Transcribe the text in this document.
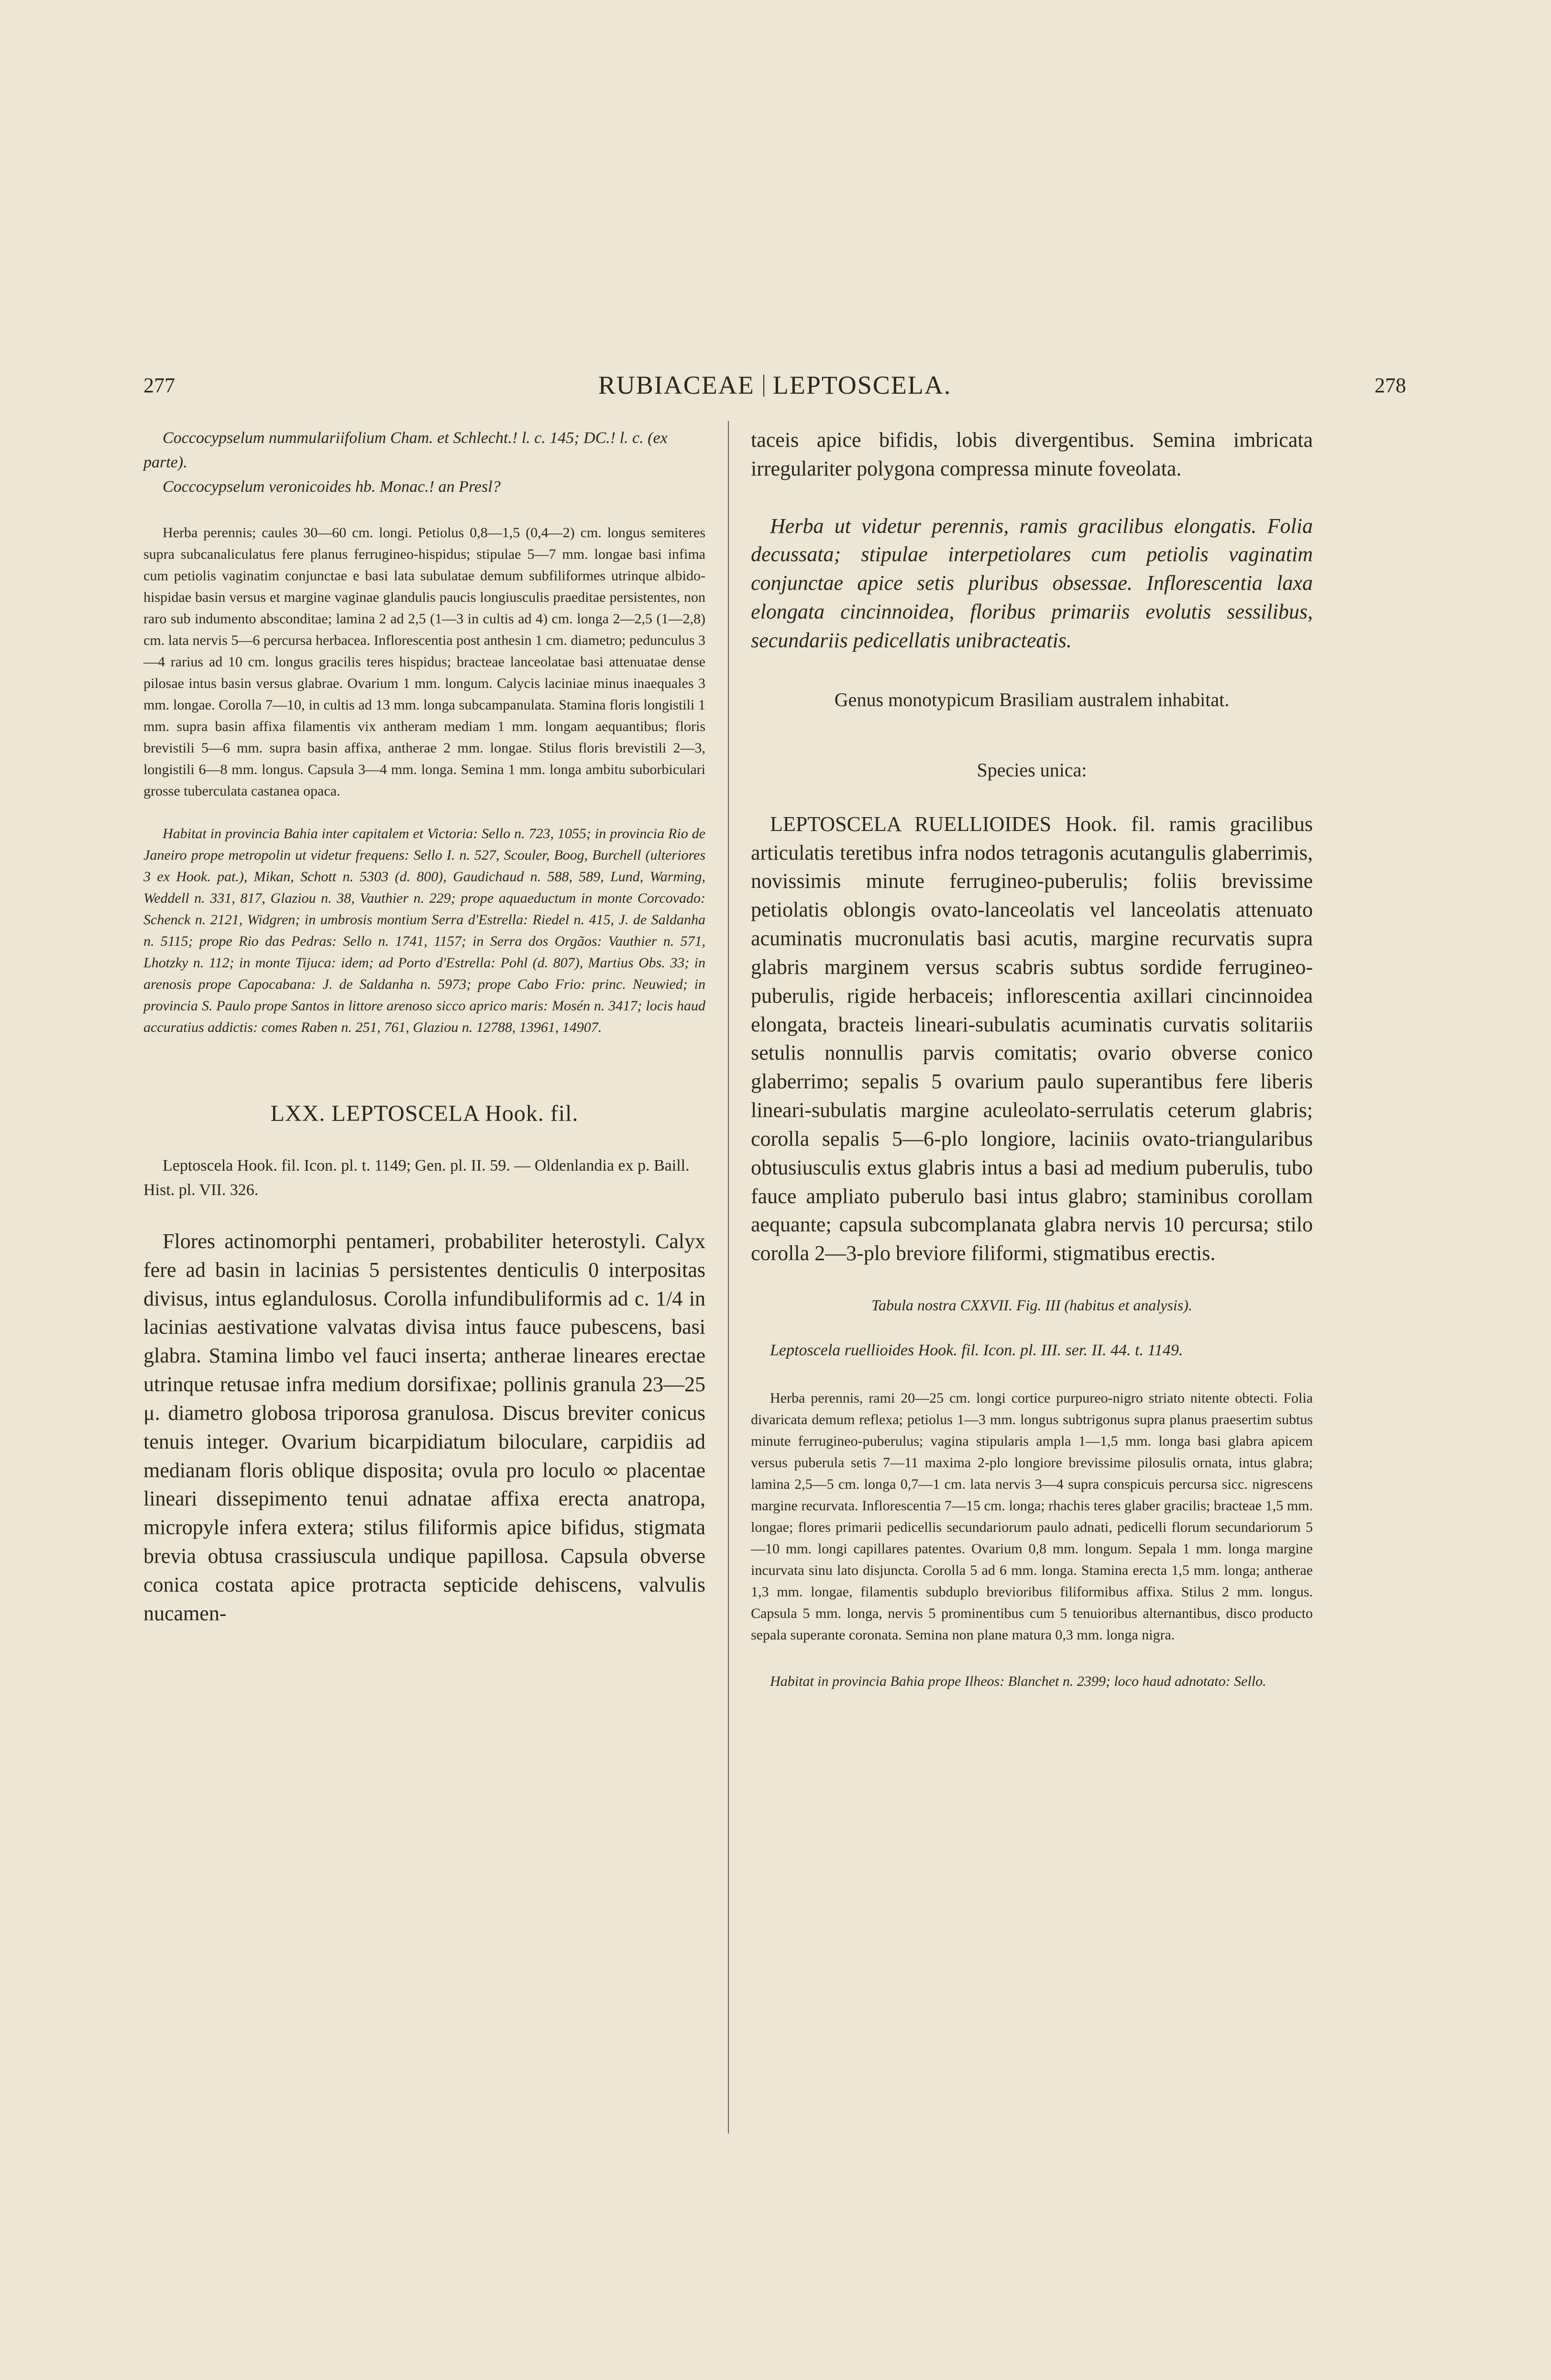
277	RUBIACEAE LEPTOSCELA.	278

Coccocypselum nummulariifolium Cham. et Schlecht.! l. c. 145; DC.! l. c. (ex parte).

Coccocypselum veronicoides hb. Monac.! an Presl?

Herba perennis; caules 30—60 cm. longi. Petiolus 0,8—1,5 (0,4—2) cm. longus semiteres supra subcanaliculatus fere planus ferrugineo-hispidus; stipulae 5—7 mm. longae basi infima cum petiolis vaginatim conjunctae e basi lata subulatae demum subfiliformes utrinque albido-hispidae basin versus et margine vaginae glandulis paucis longiusculis praeditae persistentes, non raro sub indumento absconditae; lamina 2 ad 2,5 (1—3 in cultis ad 4) cm. longa 2—2,5 (1—2,8) cm. lata nervis 5—6 percursa herbacea. Inflorescentia post anthesin 1 cm. diametro; pedunculus 3—4 rarius ad 10 cm. longus gracilis teres hispidus; bracteae lanceolatae basi attenuatae dense pilosae intus basin versus glabrae. Ovarium 1 mm. longum. Calycis laciniae minus inaequales 3 mm. longae. Corolla 7—10, in cultis ad 13 mm. longa subcampanulata. Stamina floris longistili 1 mm. supra basin affixa filamentis vix antheram mediam 1 mm. longam aequantibus; floris brevistili 5—6 mm. supra basin affixa, antherae 2 mm. longae. Stilus floris brevistili 2—3, longistili 6—8 mm. longus. Capsula 3—4 mm. longa. Semina 1 mm. longa ambitu suborbiculari grosse tuberculata castanea opaca.

Habitat in provincia Bahia inter capitalem et Victoria: Sello n. 723, 1055; in provincia Rio de Janeiro prope metropolin ut videtur frequens: Sello I. n. 527, Scouler, Boog, Burchell (ulteriores 3 ex Hook. pat.), Mikan, Schott n. 5303 (d. 800), Gaudichaud n. 588, 589, Lund, Warming, Weddell n. 331, 817, Glaziou n. 38, Vauthier n. 229; prope aquaeductum in monte Corcovado: Schenck n. 2121, Widgren; in umbrosis montium Serra d'Estrella: Riedel n. 415, J. de Saldanha n. 5115; prope Rio das Pedras: Sello n. 1741, 1157; in Serra dos Orgãos: Vauthier n. 571, Lhotzky n. 112; in monte Tijuca: idem; ad Porto d'Estrella: Pohl (d. 807), Martius Obs. 33; in arenosis prope Capocabana: J. de Saldanha n. 5973; prope Cabo Frio: princ. Neuwied; in provincia S. Paulo prope Santos in littore arenoso sicco aprico maris: Mosén n. 3417; locis haud accuratius addictis: comes Raben n. 251, 761, Glaziou n. 12788, 13961, 14907.

LXX. LEPTOSCELA Hook. fil.

Leptoscela Hook. fil. Icon. pl. t. 1149; Gen. pl. II. 59. — Oldenlandia ex p. Baill. Hist. pl. VII. 326.

Flores actinomorphi pentameri, probabiliter heterostyli. Calyx fere ad basin in lacinias 5 persistentes denticulis 0 interpositas divisus, intus eglandulosus. Corolla infundibuliformis ad c. 1/4 in lacinias aestivatione valvatas divisa intus fauce pubescens, basi glabra. Stamina limbo vel fauci inserta; antherae lineares erectae utrinque retusae infra medium dorsifixae; pollinis granula 23—25 μ. diametro globosa triporosa granulosa. Discus breviter conicus tenuis integer. Ovarium bicarpidiatum biloculare, carpidiis ad medianam floris oblique disposita; ovula pro loculo ∞ placentae lineari dissepimento tenui adnatae affixa erecta anatropa, micropyle infera extera; stilus filiformis apice bifidus, stigmata brevia obtusa crassiuscula undique papillosa. Capsula obverse conica costata apice protracta septicide dehiscens, valvulis nucamen-

taceis apice bifidis, lobis divergentibus. Semina imbricata irregulariter polygona compressa minute foveolata.

Herba ut videtur perennis, ramis gracilibus elongatis. Folia decussata; stipulae interpetiolares cum petiolis vaginatim conjunctae apice setis pluribus obsessae. Inflorescentia laxa elongata cincinnoidea, floribus primariis evolutis sessilibus, secundariis pedicellatis unibracteatis.

Genus monotypicum Brasiliam australem inhabitat.

Species unica:

LEPTOSCELA RUELLIOIDES Hook. fil. ramis gracilibus articulatis teretibus infra nodos tetragonis acutangulis glaberrimis, novissimis minute ferrugineo-puberulis; foliis brevissime petiolatis oblongis ovato-lanceolatis vel lanceolatis attenuato acuminatis mucronulatis basi acutis, margine recurvatis supra glabris marginem versus scabris subtus sordide ferrugineo-puberulis, rigide herbaceis; inflorescentia axillari cincinnoidea elongata, bracteis lineari-subulatis acuminatis curvatis solitariis setulis nonnullis parvis comitatis; ovario obverse conico glaberrimo; sepalis 5 ovarium paulo superantibus fere liberis lineari-subulatis margine aculeolato-serrulatis ceterum glabris; corolla sepalis 5—6-plo longiore, laciniis ovato-triangularibus obtusiusculis extus glabris intus a basi ad medium puberulis, tubo fauce ampliato puberulo basi intus glabro; staminibus corollam aequante; capsula subcomplanata glabra nervis 10 percursa; stilo corolla 2—3-plo breviore filiformi, stigmatibus erectis.

Tabula nostra CXXVII. Fig. III (habitus et analysis).

Leptoscela ruellioides Hook. fil. Icon. pl. III. ser. II. 44. t. 1149.

Herba perennis, rami 20—25 cm. longi cortice purpureo-nigro striato nitente obtecti. Folia divaricata demum reflexa; petiolus 1—3 mm. longus subtrigonus supra planus praesertim subtus minute ferrugineo-puberulus; vagina stipularis ampla 1—1,5 mm. longa basi glabra apicem versus puberula setis 7—11 maxima 2-plo longiore brevissime pilosulis ornata, intus glabra; lamina 2,5—5 cm. longa 0,7—1 cm. lata nervis 3—4 supra conspicuis percursa sicc. nigrescens margine recurvata. Inflorescentia 7—15 cm. longa; rhachis teres glaber gracilis; bracteae 1,5 mm. longae; flores primarii pedicellis secundariorum paulo adnati, pedicelli florum secundariorum 5—10 mm. longi capillares patentes. Ovarium 0,8 mm. longum. Sepala 1 mm. longa margine incurvata sinu lato disjuncta. Corolla 5 ad 6 mm. longa. Stamina erecta 1,5 mm. longa; antherae 1,3 mm. longae, filamentis subduplo brevioribus filiformibus affixa. Stilus 2 mm. longus. Capsula 5 mm. longa, nervis 5 prominentibus cum 5 tenuioribus alternantibus, disco producto sepala superante coronata. Semina non plane matura 0,3 mm. longa nigra.

Habitat in provincia Bahia prope Ilheos: Blanchet n. 2399; loco haud adnotato: Sello.
